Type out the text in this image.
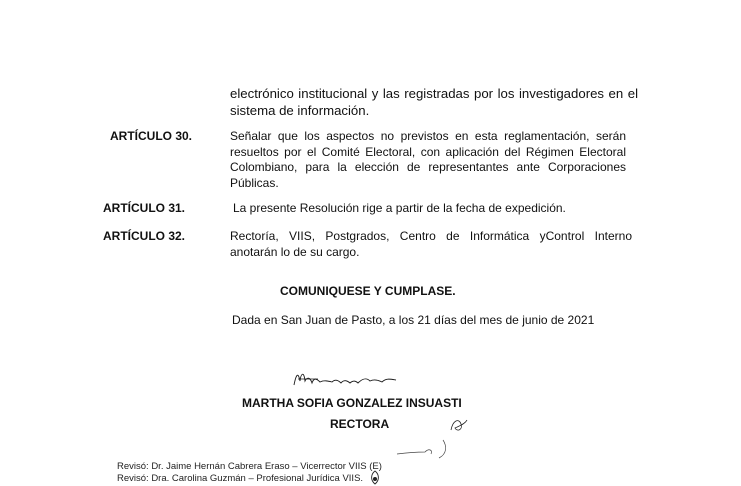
electrónico institucional y las registradas por los investigadores en el sistema de información.
ARTÍCULO 30.	Señalar que los aspectos no previstos en esta reglamentación, serán resueltos por el Comité Electoral, con aplicación del Régimen Electoral Colombiano, para la elección de representantes ante Corporaciones Públicas.
ARTÍCULO 31.	La presente Resolución rige a partir de la fecha de expedición.
ARTÍCULO 32.	Rectoría, VIIS, Postgrados, Centro de Informática yControl Interno anotarán lo de su cargo.
COMUNIQUESE Y CUMPLASE.
Dada en San Juan de Pasto, a los 21 días del mes de junio de 2021
MARTHA SOFIA GONZALEZ INSUASTI
RECTORA
Revisó: Dr. Jaime Hernán Cabrera Eraso – Vicerrector VIIS (E)
Revisó: Dra. Carolina Guzmán – Profesional Jurídica VIIS.
